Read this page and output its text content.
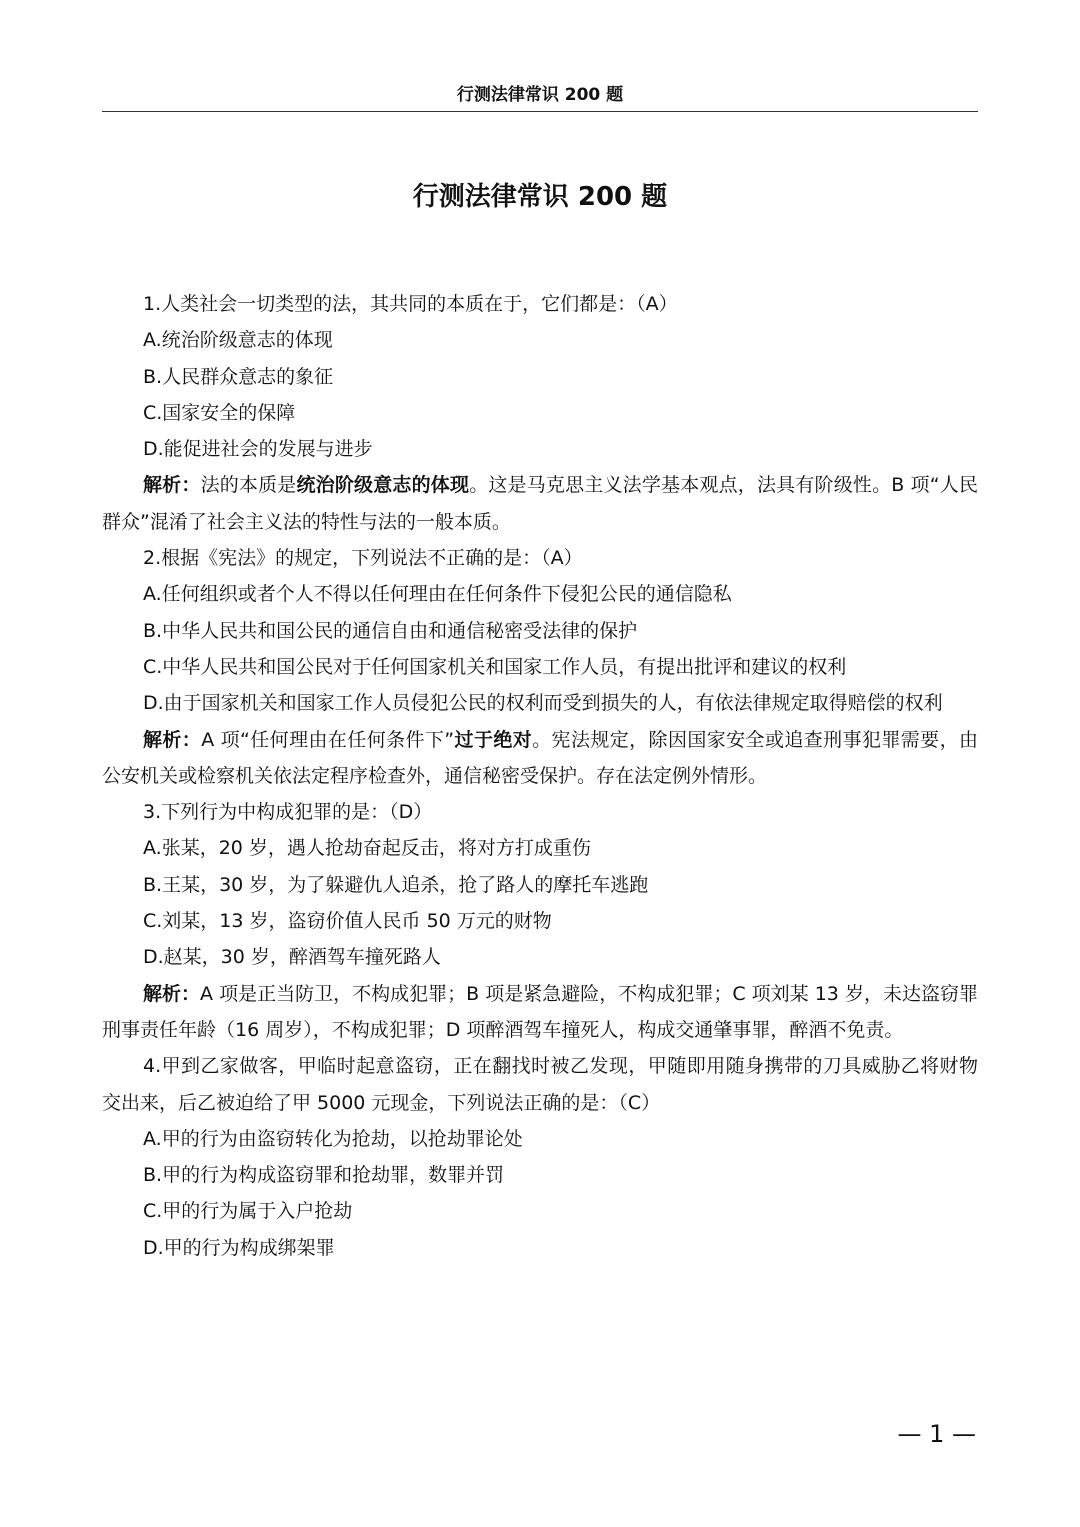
行测法律常识 200 题
行测法律常识 200 题

1.人类社会一切类型的法，其共同的本质在于，它们都是：（A）

A.统治阶级意志的体现

B.人民群众意志的象征

C.国家安全的保障

D.能促进社会的发展与进步

解析：法的本质是统治阶级意志的体现。这是马克思主义法学基本观点，法具有阶级性。B 项“人民群众”混淆了社会主义法的特性与法的一般本质。

2.根据《宪法》的规定，下列说法不正确的是：（A）

A.任何组织或者个人不得以任何理由在任何条件下侵犯公民的通信隐私

B.中华人民共和国公民的通信自由和通信秘密受法律的保护

C.中华人民共和国公民对于任何国家机关和国家工作人员，有提出批评和建议的权利

D.由于国家机关和国家工作人员侵犯公民的权利而受到损失的人，有依法律规定取得赔偿的权利

解析：A 项“任何理由在任何条件下”过于绝对。宪法规定，除因国家安全或追查刑事犯罪需要，由公安机关或检察机关依法定程序检查外，通信秘密受保护。存在法定例外情形。

3.下列行为中构成犯罪的是：（D）

A.张某，20 岁，遇人抢劫奋起反击，将对方打成重伤

B.王某，30 岁，为了躲避仇人追杀，抢了路人的摩托车逃跑

C.刘某，13 岁，盗窃价值人民币 50 万元的财物

D.赵某，30 岁，醉酒驾车撞死路人

解析：A 项是正当防卫，不构成犯罪；B 项是紧急避险，不构成犯罪；C 项刘某 13 岁，未达盗窃罪刑事责任年龄（16 周岁），不构成犯罪；D 项醉酒驾车撞死人，构成交通肇事罪，醉酒不免责。

4.甲到乙家做客，甲临时起意盗窃，正在翻找时被乙发现，甲随即用随身携带的刀具威胁乙将财物交出来，后乙被迫给了甲 5000 元现金，下列说法正确的是：（C）

A.甲的行为由盗窃转化为抢劫，以抢劫罪论处

B.甲的行为构成盗窃罪和抢劫罪，数罪并罚

C.甲的行为属于入户抢劫

D.甲的行为构成绑架罪

— 1 —
